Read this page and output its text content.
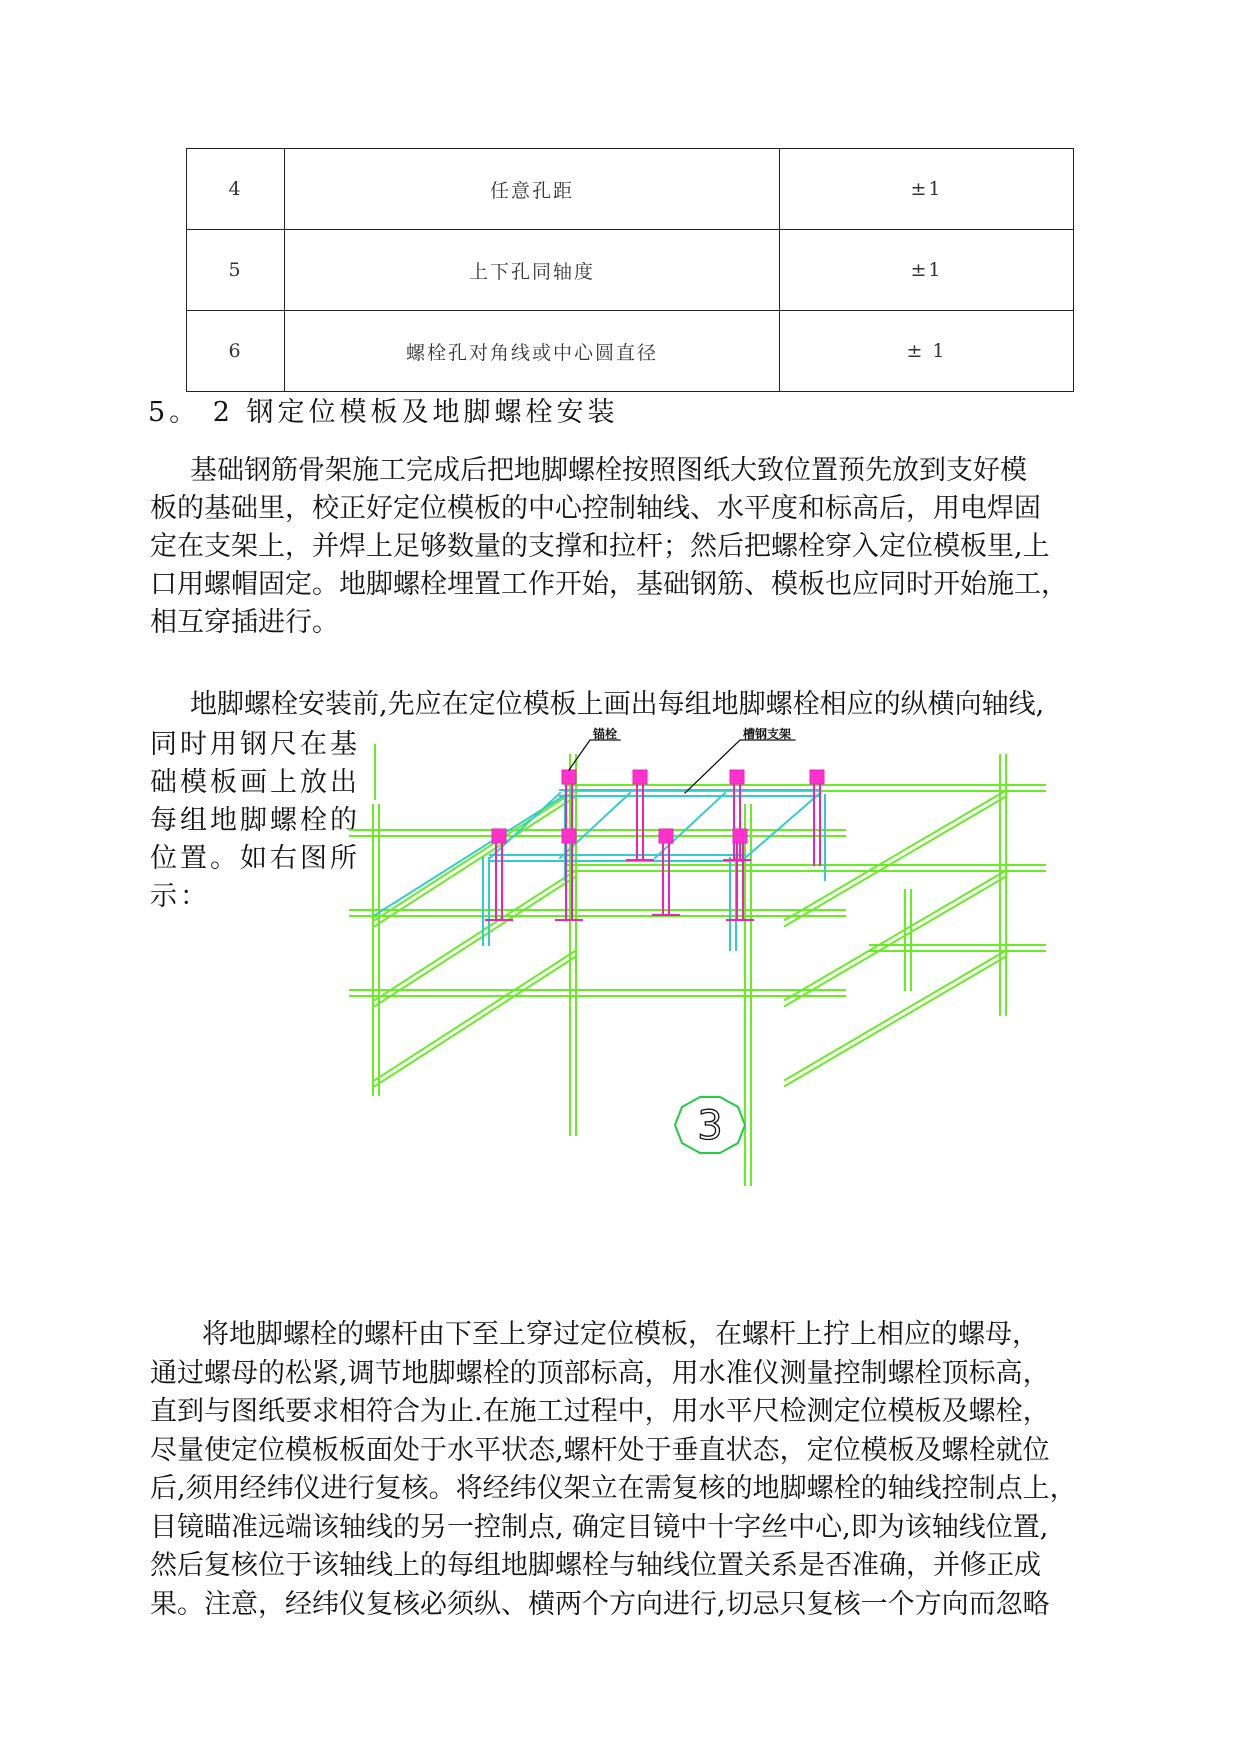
4	任意孔距	±1
5	上下孔同轴度	±1
6	螺栓孔对角线或中心圆直径	± 1
5。 2 钢定位模板及地脚螺栓安装

基础钢筋骨架施工完成后把地脚螺栓按照图纸大致位置预先放到支好模
板的基础里，校正好定位模板的中心控制轴线、水平度和标高后，用电焊固
定在支架上，并焊上足够数量的支撑和拉杆；然后把螺栓穿入定位模板里,上
口用螺帽固定。地脚螺栓埋置工作开始，基础钢筋、模板也应同时开始施工，
相互穿插进行。

地脚螺栓安装前,先应在定位模板上画出每组地脚螺栓相应的纵横向轴线,

同时用钢尺在基
础模板画上放出
每组地脚螺栓的
位置。如右图所
示：
锚栓	槽钢支架
3

将地脚螺栓的螺杆由下至上穿过定位模板，在螺杆上拧上相应的螺母，
通过螺母的松紧,调节地脚螺栓的顶部标高，用水准仪测量控制螺栓顶标高，
直到与图纸要求相符合为止.在施工过程中，用水平尺检测定位模板及螺栓，
尽量使定位模板板面处于水平状态,螺杆处于垂直状态，定位模板及螺栓就位
后,须用经纬仪进行复核。将经纬仪架立在需复核的地脚螺栓的轴线控制点上，
目镜瞄准远端该轴线的另一控制点, 确定目镜中十字丝中心,即为该轴线位置,
然后复核位于该轴线上的每组地脚螺栓与轴线位置关系是否准确，并修正成
果。注意，经纬仪复核必须纵、横两个方向进行,切忌只复核一个方向而忽略
